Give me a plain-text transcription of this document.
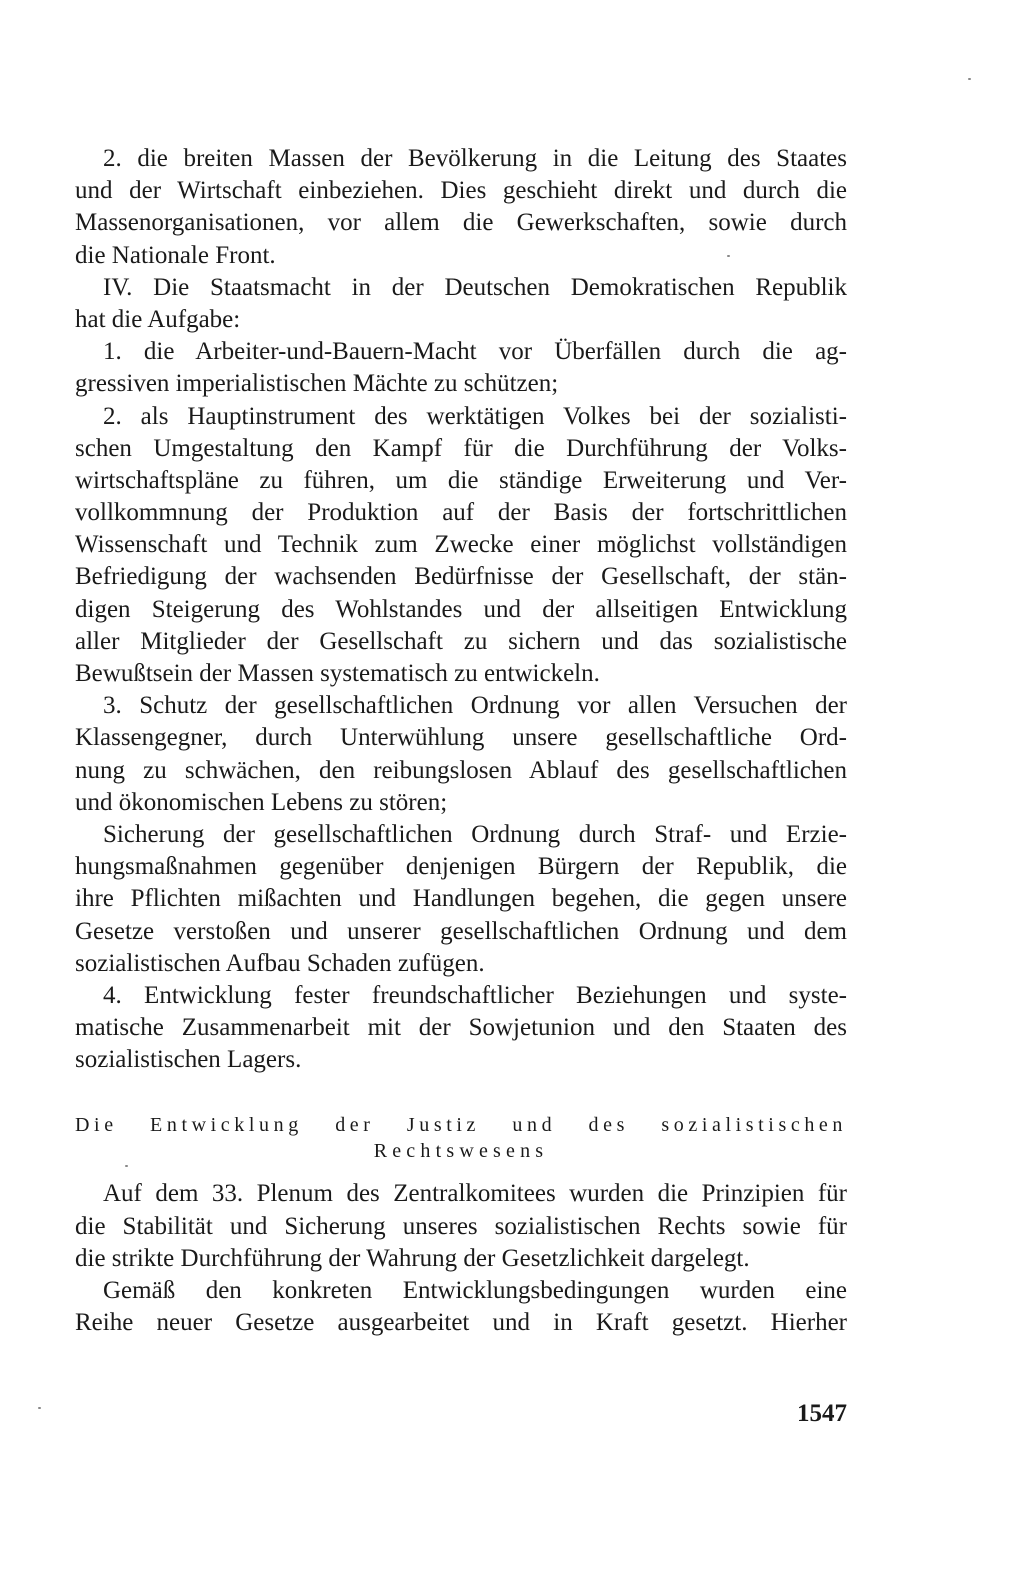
2. die breiten Massen der Bevölkerung in die Leitung des Staates
und der Wirtschaft einbeziehen. Dies geschieht direkt und durch die
Massenorganisationen, vor allem die Gewerkschaften, sowie durch
die Nationale Front.
IV. Die Staatsmacht in der Deutschen Demokratischen Republik
hat die Aufgabe:
1. die Arbeiter-und-Bauern-Macht vor Überfällen durch die ag-
gressiven imperialistischen Mächte zu schützen;
2. als Hauptinstrument des werktätigen Volkes bei der sozialisti-
schen Umgestaltung den Kampf für die Durchführung der Volks-
wirtschaftspläne zu führen, um die ständige Erweiterung und Ver-
vollkommnung der Produktion auf der Basis der fortschrittlichen
Wissenschaft und Technik zum Zwecke einer möglichst vollständigen
Befriedigung der wachsenden Bedürfnisse der Gesellschaft, der stän-
digen Steigerung des Wohlstandes und der allseitigen Entwicklung
aller Mitglieder der Gesellschaft zu sichern und das sozialistische
Bewußtsein der Massen systematisch zu entwickeln.
3. Schutz der gesellschaftlichen Ordnung vor allen Versuchen der
Klassengegner, durch Unterwühlung unsere gesellschaftliche Ord-
nung zu schwächen, den reibungslosen Ablauf des gesellschaftlichen
und ökonomischen Lebens zu stören;
Sicherung der gesellschaftlichen Ordnung durch Straf- und Erzie-
hungsmaßnahmen gegenüber denjenigen Bürgern der Republik, die
ihre Pflichten mißachten und Handlungen begehen, die gegen unsere
Gesetze verstoßen und unserer gesellschaftlichen Ordnung und dem
sozialistischen Aufbau Schaden zufügen.
4. Entwicklung fester freundschaftlicher Beziehungen und syste-
matische Zusammenarbeit mit der Sowjetunion und den Staaten des
sozialistischen Lagers.
Die Entwicklung der Justiz und des sozialistischen
Rechtswesens
Auf dem 33. Plenum des Zentralkomitees wurden die Prinzipien für
die Stabilität und Sicherung unseres sozialistischen Rechts sowie für
die strikte Durchführung der Wahrung der Gesetzlichkeit dargelegt.
Gemäß den konkreten Entwicklungsbedingungen wurden eine
Reihe neuer Gesetze ausgearbeitet und in Kraft gesetzt. Hierher
1547
